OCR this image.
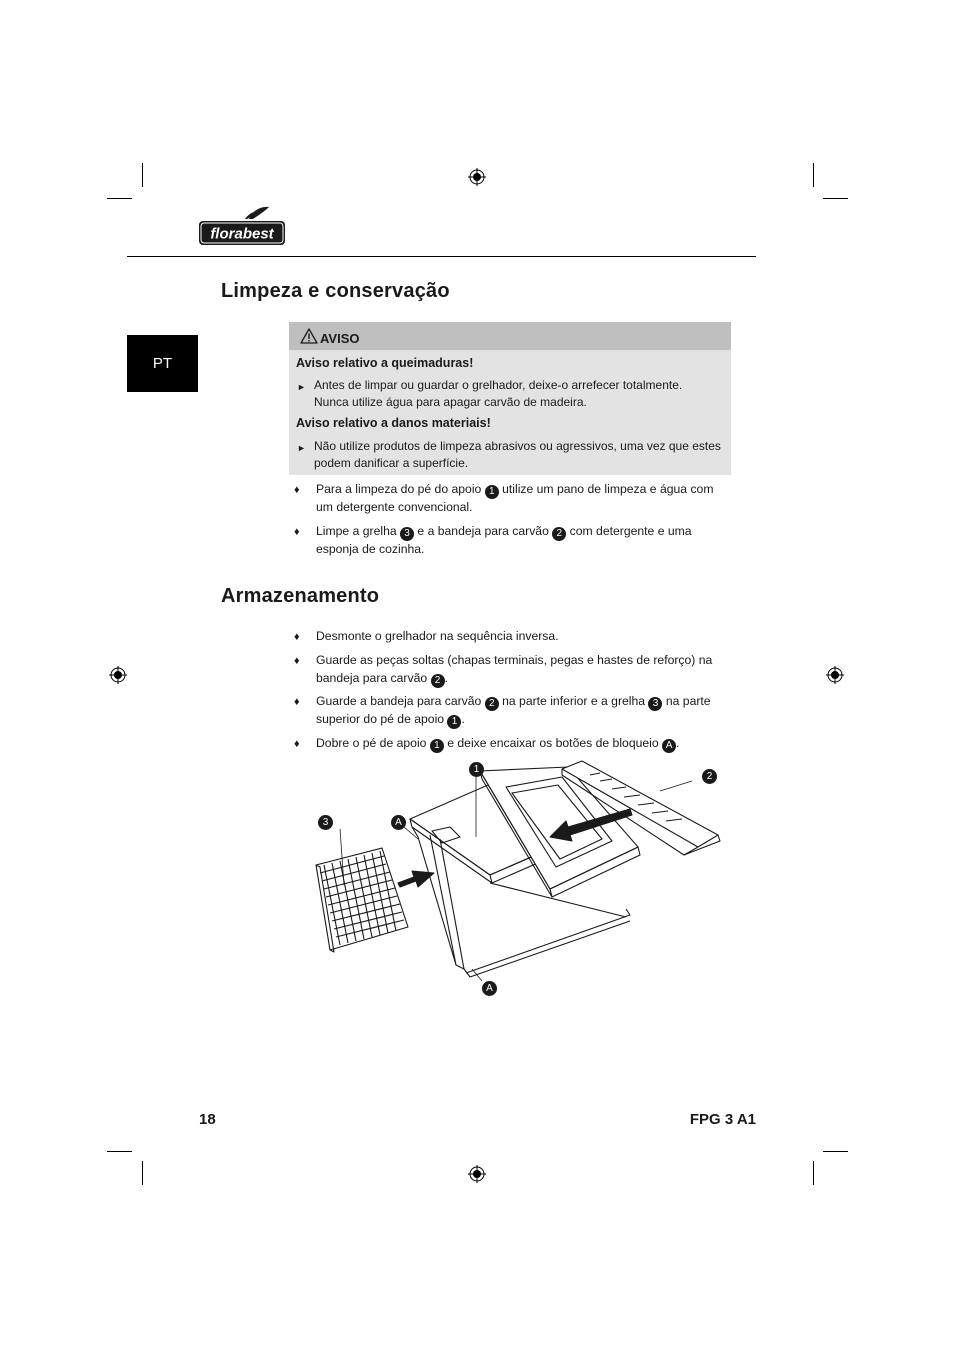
florabest
Limpeza e conservação
PT
AVISO
Aviso relativo a queimaduras!
► Antes de limpar ou guardar o grelhador, deixe-o arrefecer totalmente.
Nunca utilize água para apagar carvão de madeira.
Aviso relativo a danos materiais!
► Não utilize produtos de limpeza abrasivos ou agressivos, uma vez que estes
podem danificar a superfície.
♦ Para a limpeza do pé do apoio 1 utilize um pano de limpeza e água com
um detergente convencional.
♦ Limpe a grelha 3 e a bandeja para carvão 2 com detergente e uma
esponja de cozinha.
Armazenamento
♦ Desmonte o grelhador na sequência inversa.
♦ Guarde as peças soltas (chapas terminais, pegas e hastes de reforço) na
bandeja para carvão 2 .
♦ Guarde a bandeja para carvão 2 na parte inferior e a grelha 3 na parte
superior do pé de apoio 1 .
♦ Dobre o pé de apoio 1 e deixe encaixar os botões de bloqueio A .
1
2
3	A
A
18	FPG 3 A1
